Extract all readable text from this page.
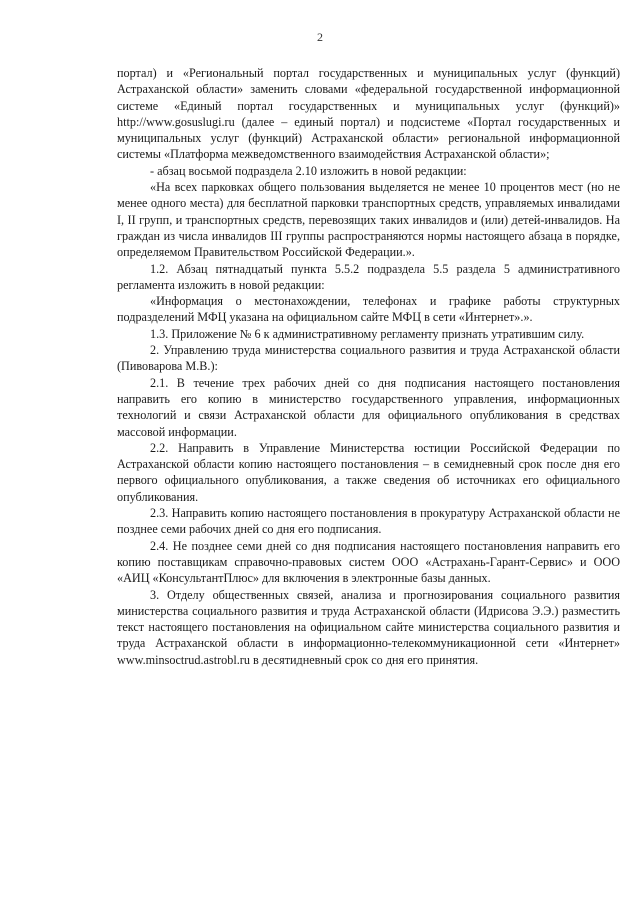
2

портал) и «Региональный портал государственных и муниципальных услуг (функций) Астраханской области» заменить словами «федеральной государственной информационной системе «Единый портал государственных и муниципальных услуг (функций)» http://www.gosuslugi.ru (далее – единый портал) и подсистеме «Портал государственных и муниципальных услуг (функций) Астраханской области» региональной информационной системы «Платформа межведомственного взаимодействия Астраханской области»;

- абзац восьмой подраздела 2.10 изложить в новой редакции:

«На всех парковках общего пользования выделяется не менее 10 процентов мест (но не менее одного места) для бесплатной парковки транспортных средств, управляемых инвалидами I, II групп, и транспортных средств, перевозящих таких инвалидов и (или) детей-инвалидов. На граждан из числа инвалидов III группы распространяются нормы настоящего абзаца в порядке, определяемом Правительством Российской Федерации.».

1.2. Абзац пятнадцатый пункта 5.5.2 подраздела 5.5 раздела 5 административного регламента изложить в новой редакции:

«Информация о местонахождении, телефонах и графике работы структурных подразделений МФЦ указана на официальном сайте МФЦ в сети «Интернет».».

1.3. Приложение № 6 к административному регламенту признать утратившим силу.

2. Управлению труда министерства социального развития и труда Астраханской области (Пивоварова М.В.):

2.1. В течение трех рабочих дней со дня подписания настоящего постановления направить его копию в министерство государственного управления, информационных технологий и связи Астраханской области для официального опубликования в средствах массовой информации.

2.2. Направить в Управление Министерства юстиции Российской Федерации по Астраханской области копию настоящего постановления – в семидневный срок после дня его первого официального опубликования, а также сведения об источниках его официального опубликования.

2.3. Направить копию настоящего постановления в прокуратуру Астраханской области не позднее семи рабочих дней со дня его подписания.

2.4. Не позднее семи дней со дня подписания настоящего постановления направить его копию поставщикам справочно-правовых систем ООО «Астрахань-Гарант-Сервис» и ООО «АИЦ «КонсультантПлюс» для включения в электронные базы данных.

3. Отделу общественных связей, анализа и прогнозирования социального развития министерства социального развития и труда Астраханской области (Идрисова Э.Э.) разместить текст настоящего постановления на официальном сайте министерства социального развития и труда Астраханской области в информационно-телекоммуникационной сети «Интернет» www.minsoctrud.astrobl.ru в десятидневный срок со дня его принятия.
